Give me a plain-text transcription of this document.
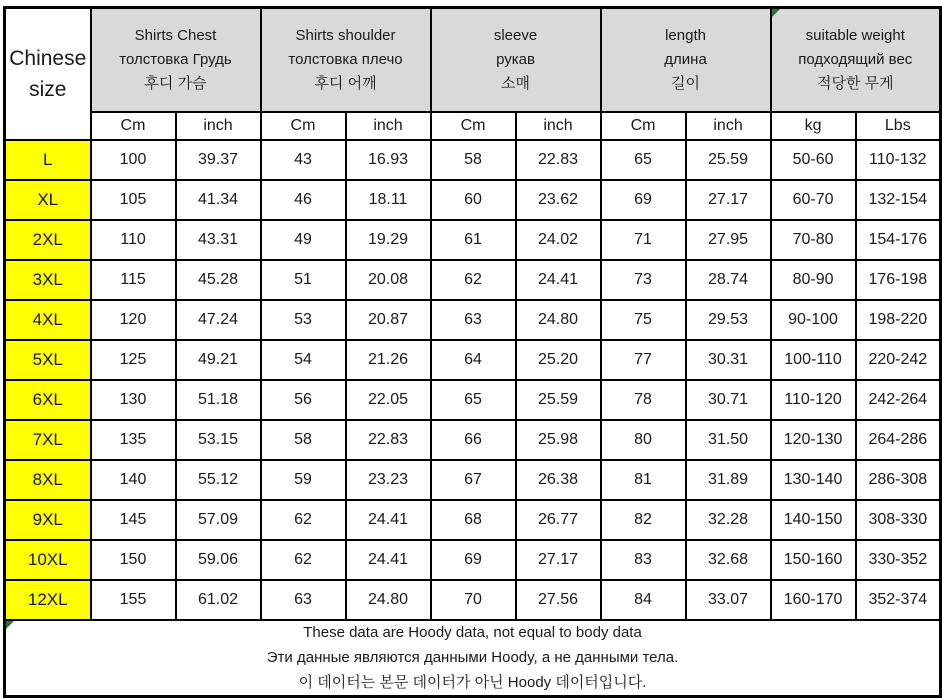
Chinese
size

Shirts Chest
толстовка Грудь
후디 가슴

Shirts shoulder
толстовка плечо
후디 어깨

sleeve
рукав
소매

length
длина
길이

suitable weight
подходящий вес
적당한 무게

	Cm	inch	Cm	inch	Cm	inch	Cm	inch	kg	Lbs
L	100	39.37	43	16.93	58	22.83	65	25.59	50-60	110-132
XL	105	41.34	46	18.11	60	23.62	69	27.17	60-70	132-154
2XL	110	43.31	49	19.29	61	24.02	71	27.95	70-80	154-176
3XL	115	45.28	51	20.08	62	24.41	73	28.74	80-90	176-198
4XL	120	47.24	53	20.87	63	24.80	75	29.53	90-100	198-220
5XL	125	49.21	54	21.26	64	25.20	77	30.31	100-110	220-242
6XL	130	51.18	56	22.05	65	25.59	78	30.71	110-120	242-264
7XL	135	53.15	58	22.83	66	25.98	80	31.50	120-130	264-286
8XL	140	55.12	59	23.23	67	26.38	81	31.89	130-140	286-308
9XL	145	57.09	62	24.41	68	26.77	82	32.28	140-150	308-330
10XL	150	59.06	62	24.41	69	27.17	83	32.68	150-160	330-352
12XL	155	61.02	63	24.80	70	27.56	84	33.07	160-170	352-374

These data are Hoody data, not equal to body data
Эти данные являются данными Hoody, а не данными тела.
이 데이터는 본문 데이터가 아닌 Hoody 데이터입니다.										
